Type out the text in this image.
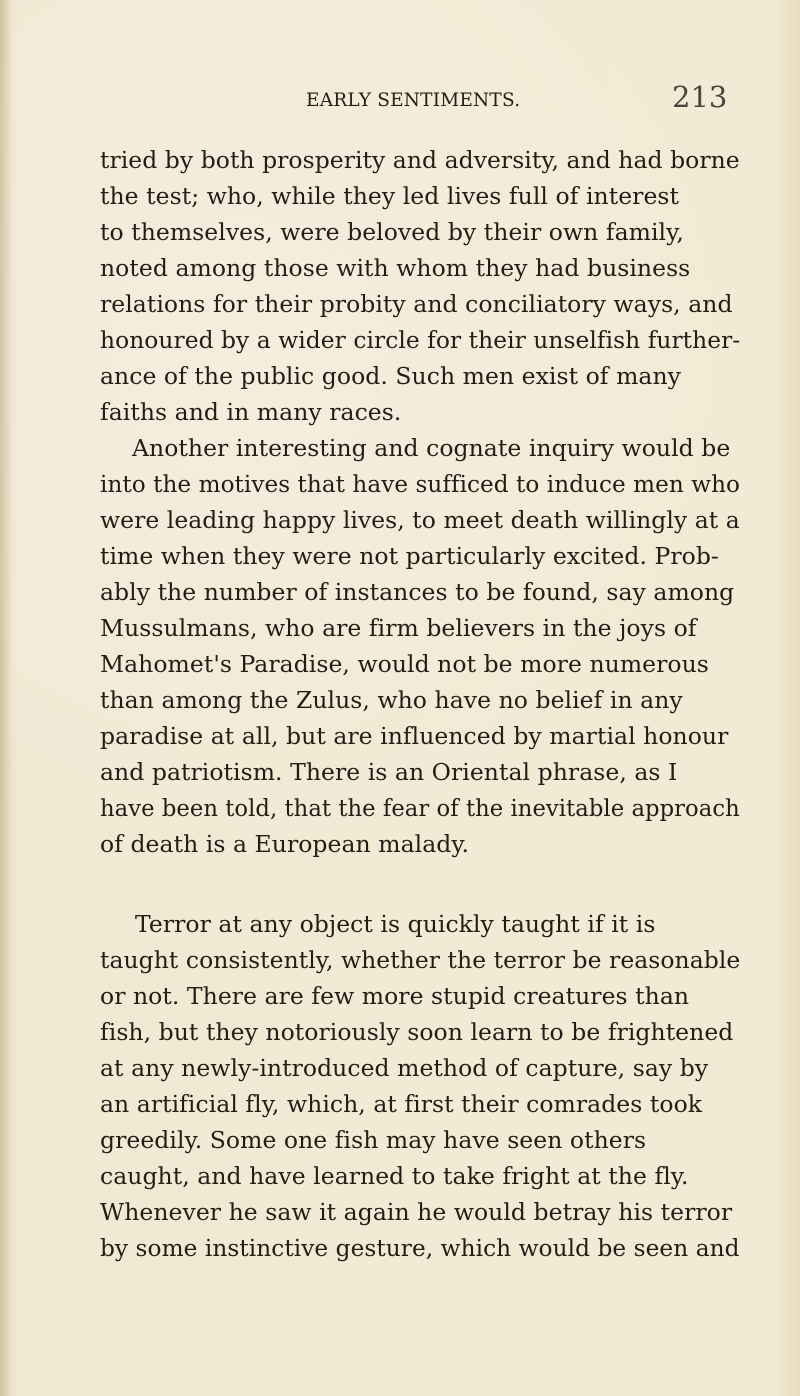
EARLY SENTIMENTS.	213
tried by both prosperity and adversity, and had borne
the test; who, while they led lives full of interest
to themselves, were beloved by their own family,
noted among those with whom they had business
relations for their probity and conciliatory ways, and
honoured by a wider circle for their unselfish further-
ance of the public good. Such men exist of many
faiths and in many races.
Another interesting and cognate inquiry would be
into the motives that have sufficed to induce men who
were leading happy lives, to meet death willingly at a
time when they were not particularly excited. Prob-
ably the number of instances to be found, say among
Mussulmans, who are firm believers in the joys of
Mahomet's Paradise, would not be more numerous
than among the Zulus, who have no belief in any
paradise at all, but are influenced by martial honour
and patriotism. There is an Oriental phrase, as I
have been told, that the fear of the inevitable approach
of death is a European malady.
Terror at any object is quickly taught if it is
taught consistently, whether the terror be reasonable
or not. There are few more stupid creatures than
fish, but they notoriously soon learn to be frightened
at any newly-introduced method of capture, say by
an artificial fly, which, at first their comrades took
greedily. Some one fish may have seen others
caught, and have learned to take fright at the fly.
Whenever he saw it again he would betray his terror
by some instinctive gesture, which would be seen and
